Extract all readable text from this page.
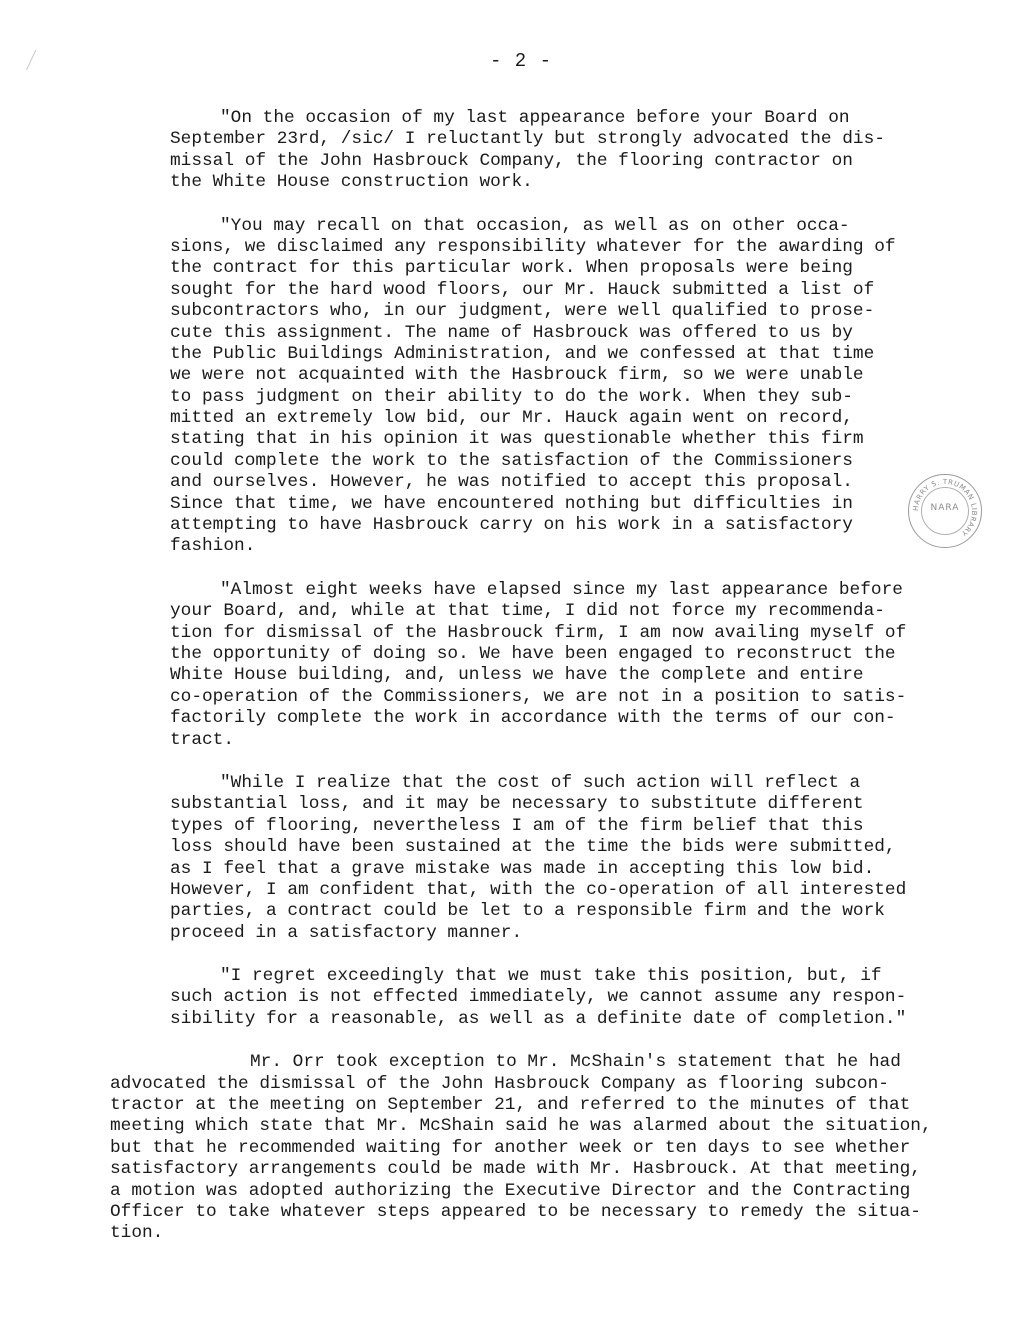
- 2 -
"On the occasion of my last appearance before your Board on
September 23rd, /sic/ I reluctantly but strongly advocated the dis-
missal of the John Hasbrouck Company, the flooring contractor on
the White House construction work.
"You may recall on that occasion, as well as on other occa-
sions, we disclaimed any responsibility whatever for the awarding of
the contract for this particular work. When proposals were being
sought for the hard wood floors, our Mr. Hauck submitted a list of
subcontractors who, in our judgment, were well qualified to prose-
cute this assignment. The name of Hasbrouck was offered to us by
the Public Buildings Administration, and we confessed at that time
we were not acquainted with the Hasbrouck firm, so we were unable
to pass judgment on their ability to do the work. When they sub-
mitted an extremely low bid, our Mr. Hauck again went on record,
stating that in his opinion it was questionable whether this firm
could complete the work to the satisfaction of the Commissioners
and ourselves. However, he was notified to accept this proposal.
Since that time, we have encountered nothing but difficulties in
attempting to have Hasbrouck carry on his work in a satisfactory
fashion.
"Almost eight weeks have elapsed since my last appearance before
your Board, and, while at that time, I did not force my recommenda-
tion for dismissal of the Hasbrouck firm, I am now availing myself of
the opportunity of doing so. We have been engaged to reconstruct the
White House building, and, unless we have the complete and entire
co-operation of the Commissioners, we are not in a position to satis-
factorily complete the work in accordance with the terms of our con-
tract.
"While I realize that the cost of such action will reflect a
substantial loss, and it may be necessary to substitute different
types of flooring, nevertheless I am of the firm belief that this
loss should have been sustained at the time the bids were submitted,
as I feel that a grave mistake was made in accepting this low bid.
However, I am confident that, with the co-operation of all interested
parties, a contract could be let to a responsible firm and the work
proceed in a satisfactory manner.
"I regret exceedingly that we must take this position, but, if
such action is not effected immediately, we cannot assume any respon-
sibility for a reasonable, as well as a definite date of completion."
Mr. Orr took exception to Mr. McShain's statement that he had
advocated the dismissal of the John Hasbrouck Company as flooring subcon-
tractor at the meeting on September 21, and referred to the minutes of that
meeting which state that Mr. McShain said he was alarmed about the situation,
but that he recommended waiting for another week or ten days to see whether
satisfactory arrangements could be made with Mr. Hasbrouck. At that meeting,
a motion was adopted authorizing the Executive Director and the Contracting
Officer to take whatever steps appeared to be necessary to remedy the situa-
tion.
HARRY S. TRUMAN LIBRARY
NARA
